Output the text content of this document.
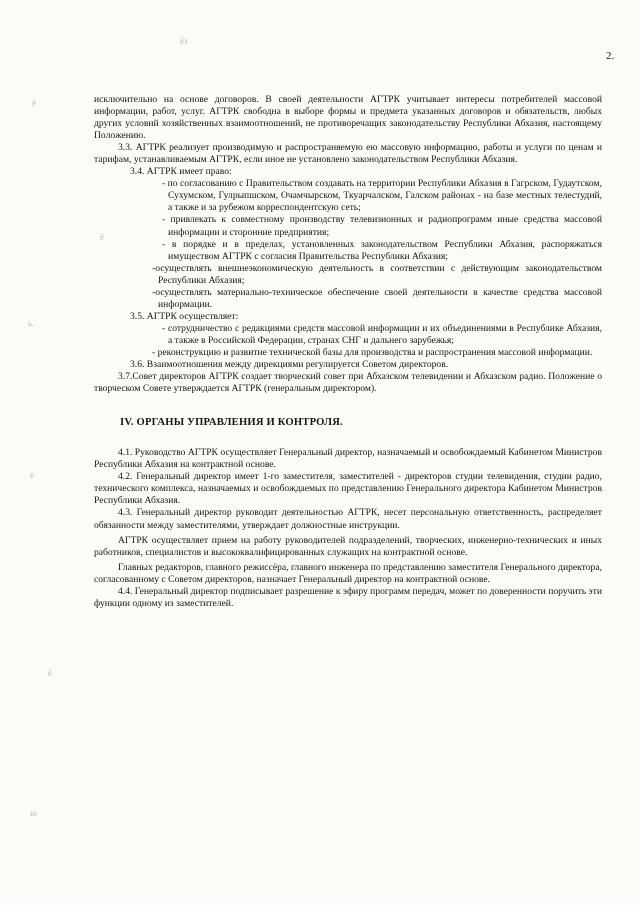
2.
ё
ёз
ь.
ё
ё
ё
ю

исключительно на основе договоров. В своей деятельности АГТРК учитывает интересы потребителей массовой информации, работ, услуг. АГТРК свободна в выборе формы и предмета указанных договоров и обязательств, любых других условий хозяйственных взаимоотношений, не противоречащих законодательству Республики Абхазия, настоящему Положению.

3.3. АГТРК реализует производимую и распространяемую ею массовую информацию, работы и услуги по ценам и тарифам, устанавливаемым АГТРК, если иное не установлено законодательством Республики Абхазия.

3.4. АГТРК имеет право:

- по согласованию с Правительством создавать на территории Республики Абхазия в Гагрском, Гудаутском, Сухумском, Гулрыпшском, Очамчырском, Ткуарчалском, Галском районах - на базе местных телестудий, а также и за рубежом корреспондентскую сеть;

- привлекать к совместному производству телевизионных и радиопрограмм иные средства массовой информации и сторонние предприятия;

- в порядке и в пределах, установленных законодательством Республики Абхазия, распоряжаться имуществом АГТРК с согласия Правительства Республики Абхазия;

-осуществлять внешнеэкономическую деятельность в соответствии с действующим законодательством Республики Абхазия;

-осуществлять материально-техническое обеспечение своей деятельности в качестве средства массовой информации.

3.5. АГТРК осуществляет:

- сотрудничество с редакциями средств массовой информации и их объединениями в Республике Абхазия, а также в Российской Федерации, странах СНГ и дальнего зарубежья;

- реконструкцию и развитие технической базы для производства и распространения массовой информации.

3.6. Взаимоотношения между дирекциями регулируется Советом директоров.

3.7.Совет директоров АГТРК создает творческий совет при Абхазском телевидении и Абхазском радио. Положение о творческом Совете утверждается АГТРК (генеральным директором).

IV. ОРГАНЫ УПРАВЛЕНИЯ И КОНТРОЛЯ.

4.1. Руководство АГТРК осуществляет Генеральный директор, назначаемый и освобождаемый Кабинетом Министров Республики Абхазия на контрактной основе.

4.2. Генеральный директор имеет 1-го заместителя, заместителей - директоров студии телевидения, студии радио, технического комплекса, назначаемых и освобождаемых по представлению Генерального директора Кабинетом Министров Республики Абхазия.

4.3. Генеральный директор руководит деятельностью АГТРК, несет персональную ответственность, распределяет обязанности между заместителями, утверждает должностные инструкции.

АГТРК осуществляет прием на работу руководителей подразделений, творческих, инженерно-технических и иных работников, специалистов и высококвалифицированных служащих на контрактной основе.

Главных редакторов, главного режиссёра, главного инженера по представлению заместителя Генерального директора, согласованному с Советом директоров, назначает Генеральный директор на контрактной основе.

4.4. Генеральный директор подписывает разрешение к эфиру программ передач, может по доверенности поручить эти функции одному из заместителей.
